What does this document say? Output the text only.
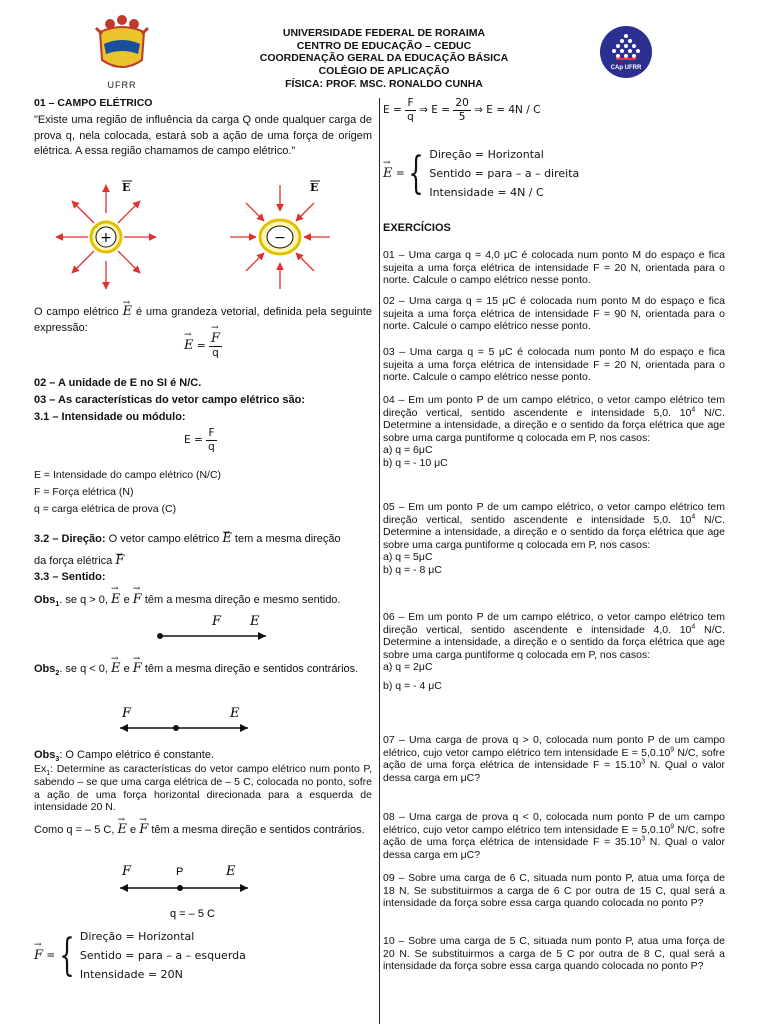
UFRR
UNIVERSIDADE FEDERAL DE RORAIMA
CENTRO DE EDUCAÇÃO – CEDUC
COORDENAÇÃO GERAL DA EDUCAÇÃO BÁSICA
COLÉGIO DE APLICAÇÃO
FÍSICA: PROF. MSC. RONALDO CUNHA
CAp UFRR
01 – CAMPO ELÉTRICO
"Existe uma região de influência da carga Q onde qualquer carga de prova q, nela colocada, estará sob a ação de uma força de origem elétrica. A essa região chamamos de campo elétrico."
+
E
−
E
O campo elétrico → E é uma grandeza vetorial, definida pela seguinte expressão:
→ E = → $\frac{F}{q}$
02 – A unidade de E no SI é N/C.
03 – As características do vetor campo elétrico são:
3.1 – Intensidade ou módulo:
$E = \frac{F}{q}$
E = Intensidade do campo elétrico (N/C)
F = Força elétrica (N)
q = carga elétrica de prova (C)
3.2 – Direção: O vetor campo elétrico → E tem a mesma direção
da força elétrica → F
3.3 – Sentido:
Obs$_1$. se q > 0, → E e → F têm a mesma direção e mesmo sentido.
F E
Obs$_2$. se q < 0, → E e → F têm a mesma direção e sentidos contrários.
F	E
Obs$_3$: O Campo elétrico é constante.
$Ex_1$: Determine as características do vetor campo elétrico num ponto P, sabendo – se que uma carga elétrica de – 5 C, colocada no ponto, sofre a ação de uma força horizontal direcionada para a esquerda de intensidade 20 N.
Como q = – 5 C, → E e → F têm a mesma direção e sentidos contrários.
F	P	E
q = – 5 C
→ F = { Direção = Horizontal
Sentido = para – a – esquerda
Intensidade = 20N
$E = \frac{F}{q}$ ⇒ $E = \frac{20}{5}$ ⇒ E = 4N / C
→ E = { Direção = Horizontal
Sentido = para – a – direita
Intensidade = 4N / C
EXERCÍCIOS
01 – Uma carga q = 4,0 μC é colocada num ponto M do espaço e fica sujeita a uma força elétrica de intensidade F = 20 N, orientada para o norte. Calcule o campo elétrico nesse ponto.
02 – Uma carga q = 15 μC é colocada num ponto M do espaço e fica sujeita a uma força elétrica de intensidade F = 90 N, orientada para o norte. Calcule o campo elétrico nesse ponto.
03 – Uma carga q = 5 μC é colocada num ponto M do espaço e fica sujeita a uma força elétrica de intensidade F = 20 N, orientada para o norte. Calcule o campo elétrico nesse ponto.
04 – Em um ponto P de um campo elétrico, o vetor campo elétrico tem direção vertical, sentido ascendente e intensidade 5,0. $10^4$ N/C. Determine a intensidade, a direção e o sentido da força elétrica que age sobre uma carga puntiforme q colocada em P, nos casos:
a) q = 6μC
b) q = - 10 μC
05 – Em um ponto P de um campo elétrico, o vetor campo elétrico tem direção vertical, sentido ascendente e intensidade 5,0. $10^4$ N/C. Determine a intensidade, a direção e o sentido da força elétrica que age sobre uma carga puntiforme q colocada em P, nos casos:
a) q = 5μC
b) q = - 8 μC
06 – Em um ponto P de um campo elétrico, o vetor campo elétrico tem direção vertical, sentido ascendente e intensidade 4,0. $10^4$ N/C. Determine a intensidade, a direção e o sentido da força elétrica que age sobre uma carga puntiforme q colocada em P, nos casos:
a) q = 2μC
b) q = - 4 μC
07 – Uma carga de prova q > 0, colocada num ponto P de um campo elétrico, cujo vetor campo elétrico tem intensidade $E = 5,0.10^9$ N/C, sofre ação de uma força elétrica de intensidade $F = 15.10^3$ N. Qual o valor dessa carga em μC?
08 – Uma carga de prova q < 0, colocada num ponto P de um campo elétrico, cujo vetor campo elétrico tem intensidade $E = 5,0.10^9$ N/C, sofre ação de uma força elétrica de intensidade $F = 35.10^3$ N. Qual o valor dessa carga em μC?
09 – Sobre uma carga de 6 C, situada num ponto P, atua uma força de 18 N. Se substituirmos a carga de 6 C por outra de 15 C, qual será a intensidade da força sobre essa carga quando colocada no ponto P?
10 – Sobre uma carga de 5 C, situada num ponto P, atua uma força de 20 N. Se substituirmos a carga de 5 C por outra de 8 C, qual será a intensidade da força sobre essa carga quando colocada no ponto P?
